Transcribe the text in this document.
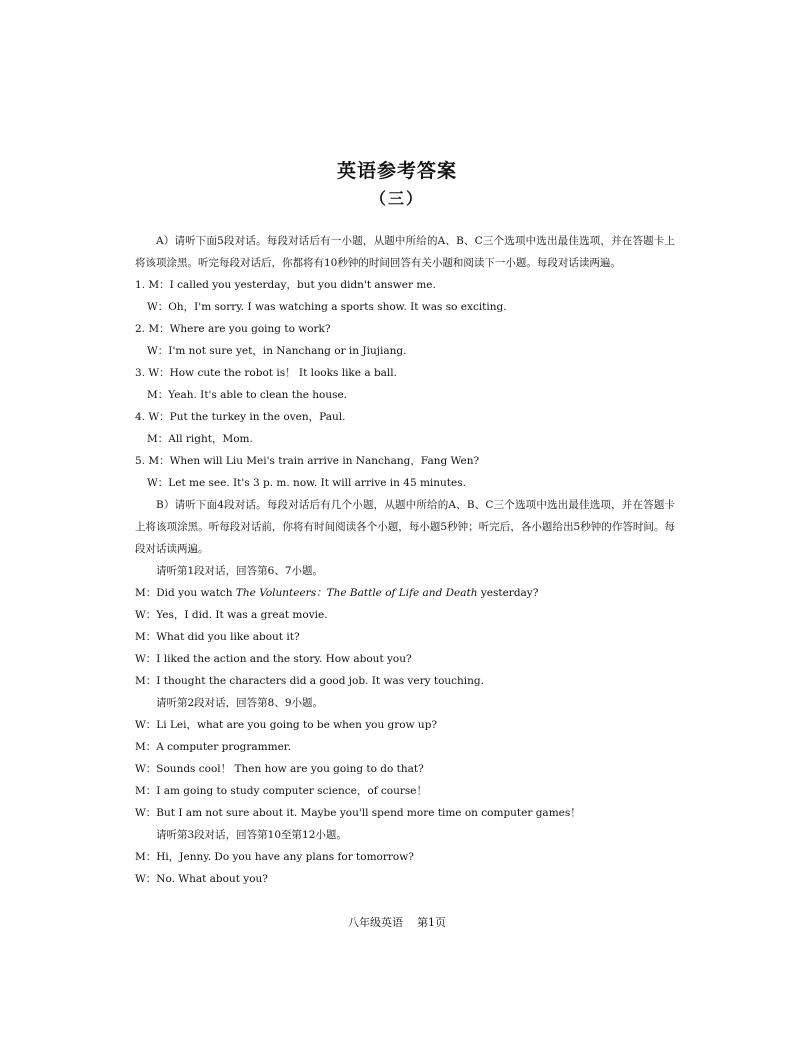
英语参考答案
（三）

A）请听下面5段对话。每段对话后有一小题，从题中所给的A、B、C三个选项中选出最佳选项，并在答题卡上将该项涂黑。听完每段对话后，你都将有10秒钟的时间回答有关小题和阅读下一小题。每段对话读两遍。

1. M：I called you yesterday，but you didn't answer me.

W：Oh，I'm sorry. I was watching a sports show. It was so exciting.

2. M：Where are you going to work?

W：I'm not sure yet，in Nanchang or in Jiujiang.

3. W：How cute the robot is！ It looks like a ball.

M：Yeah. It's able to clean the house.

4. W：Put the turkey in the oven，Paul.

M：All right，Mom.

5. M：When will Liu Mei's train arrive in Nanchang，Fang Wen?

W：Let me see. It's 3 p. m. now. It will arrive in 45 minutes.

B）请听下面4段对话。每段对话后有几个小题，从题中所给的A、B、C三个选项中选出最佳选项，并在答题卡上将该项涂黑。听每段对话前，你将有时间阅读各个小题，每小题5秒钟；听完后，各小题给出5秒钟的作答时间。每段对话读两遍。

请听第1段对话，回答第6、7小题。

M：Did you watch The Volunteers：The Battle of Life and Death yesterday?

W：Yes，I did. It was a great movie.

M：What did you like about it?

W：I liked the action and the story. How about you?

M：I thought the characters did a good job. It was very touching.

请听第2段对话，回答第8、9小题。

W：Li Lei，what are you going to be when you grow up?

M：A computer programmer.

W：Sounds cool！ Then how are you going to do that?

M：I am going to study computer science，of course！

W：But I am not sure about it. Maybe you'll spend more time on computer games！

请听第3段对话，回答第10至第12小题。

M：Hi，Jenny. Do you have any plans for tomorrow?

W：No. What about you?

八年级英语 第1页
